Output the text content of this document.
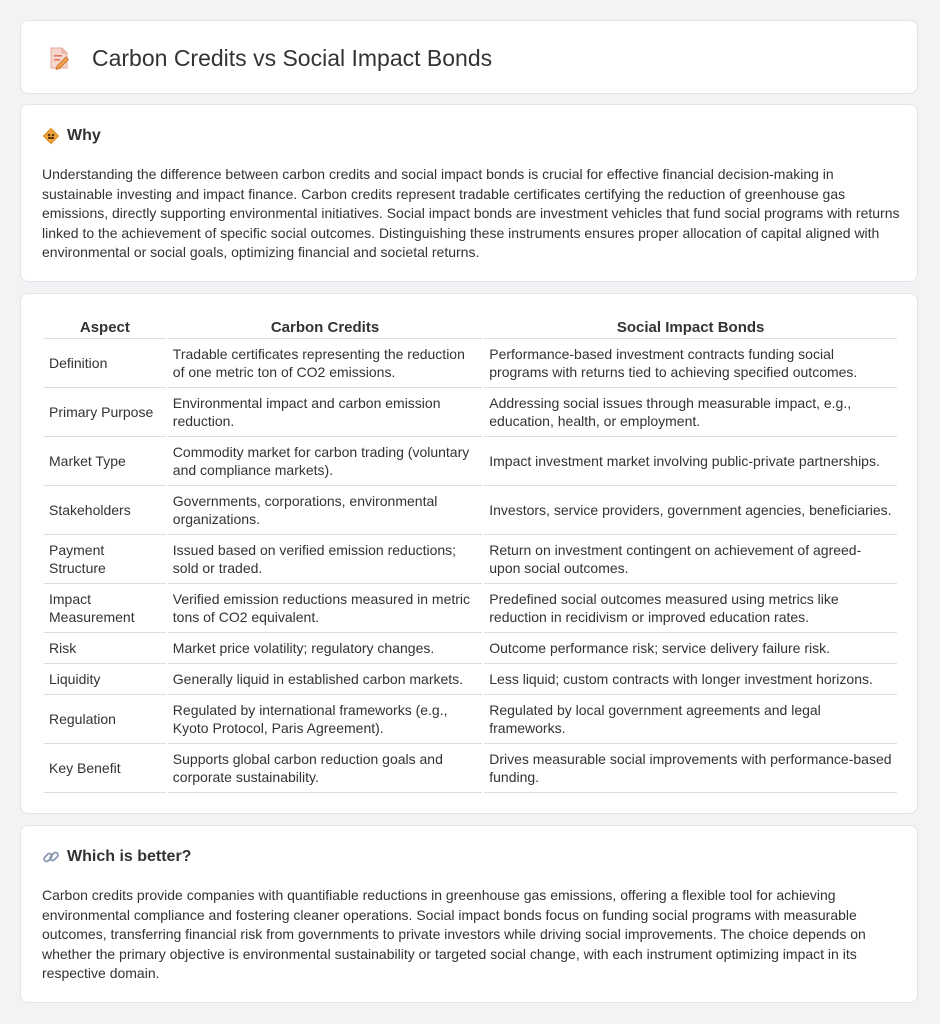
Carbon Credits vs Social Impact Bonds
Why

Understanding the difference between carbon credits and social impact bonds is crucial for effective financial decision-making in sustainable investing and impact finance. Carbon credits represent tradable certificates certifying the reduction of greenhouse gas emissions, directly supporting environmental initiatives. Social impact bonds are investment vehicles that fund social programs with returns linked to the achievement of specific social outcomes. Distinguishing these instruments ensures proper allocation of capital aligned with environmental or social goals, optimizing financial and societal returns.

Aspect	Carbon Credits	Social Impact Bonds
Definition	Tradable certificates representing the reduction of one metric ton of CO2 emissions.	Performance-based investment contracts funding social programs with returns tied to achieving specified outcomes.
Primary Purpose	Environmental impact and carbon emission reduction.	Addressing social issues through measurable impact, e.g., education, health, or employment.
Market Type	Commodity market for carbon trading (voluntary and compliance markets).	Impact investment market involving public-private partnerships.
Stakeholders	Governments, corporations, environmental organizations.	Investors, service providers, government agencies, beneficiaries.
Payment Structure	Issued based on verified emission reductions; sold or traded.	Return on investment contingent on achievement of agreed-upon social outcomes.
Impact Measurement	Verified emission reductions measured in metric tons of CO2 equivalent.	Predefined social outcomes measured using metrics like reduction in recidivism or improved education rates.
Risk	Market price volatility; regulatory changes.	Outcome performance risk; service delivery failure risk.
Liquidity	Generally liquid in established carbon markets.	Less liquid; custom contracts with longer investment horizons.
Regulation	Regulated by international frameworks (e.g., Kyoto Protocol, Paris Agreement).	Regulated by local government agreements and legal frameworks.
Key Benefit	Supports global carbon reduction goals and corporate sustainability.	Drives measurable social improvements with performance-based funding.
Which is better?

Carbon credits provide companies with quantifiable reductions in greenhouse gas emissions, offering a flexible tool for achieving environmental compliance and fostering cleaner operations. Social impact bonds focus on funding social programs with measurable outcomes, transferring financial risk from governments to private investors while driving social improvements. The choice depends on whether the primary objective is environmental sustainability or targeted social change, with each instrument optimizing impact in its respective domain.
